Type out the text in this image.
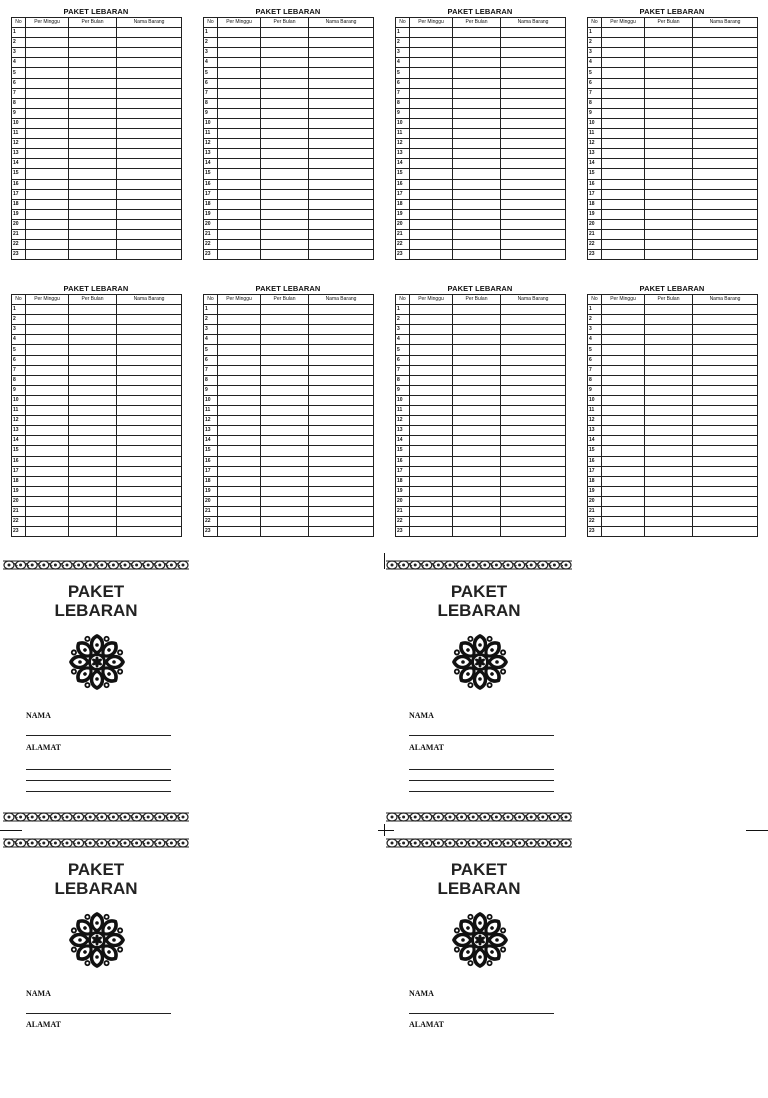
PAKET LEBARAN
No	Per Minggu	Per Bulan	Nama Barang
1			
2			
3			
4			
5			
6			
7			
8			
9			
10			
11			
12			
13			
14			
15			
16			
17			
18			
19			
20			
21			
22			
23			
PAKET LEBARAN
No	Per Minggu	Per Bulan	Nama Barang
1			
2			
3			
4			
5			
6			
7			
8			
9			
10			
11			
12			
13			
14			
15			
16			
17			
18			
19			
20			
21			
22			
23			
PAKET LEBARAN
No	Per Minggu	Per Bulan	Nama Barang
1			
2			
3			
4			
5			
6			
7			
8			
9			
10			
11			
12			
13			
14			
15			
16			
17			
18			
19			
20			
21			
22			
23			
PAKET LEBARAN
No	Per Minggu	Per Bulan	Nama Barang
1			
2			
3			
4			
5			
6			
7			
8			
9			
10			
11			
12			
13			
14			
15			
16			
17			
18			
19			
20			
21			
22			
23			
PAKET LEBARAN
No	Per Minggu	Per Bulan	Nama Barang
1			
2			
3			
4			
5			
6			
7			
8			
9			
10			
11			
12			
13			
14			
15			
16			
17			
18			
19			
20			
21			
22			
23			
PAKET LEBARAN
No	Per Minggu	Per Bulan	Nama Barang
1			
2			
3			
4			
5			
6			
7			
8			
9			
10			
11			
12			
13			
14			
15			
16			
17			
18			
19			
20			
21			
22			
23			
PAKET LEBARAN
No	Per Minggu	Per Bulan	Nama Barang
1			
2			
3			
4			
5			
6			
7			
8			
9			
10			
11			
12			
13			
14			
15			
16			
17			
18			
19			
20			
21			
22			
23			
PAKET LEBARAN
No	Per Minggu	Per Bulan	Nama Barang
1			
2			
3			
4			
5			
6			
7			
8			
9			
10			
11			
12			
13			
14			
15			
16			
17			
18			
19			
20			
21			
22			
23			
PAKET
LEBARAN
NAMA
ALAMAT
PAKET
LEBARAN
NAMA
ALAMAT
PAKET
LEBARAN
NAMA
ALAMAT
PAKET
LEBARAN
NAMA
ALAMAT
